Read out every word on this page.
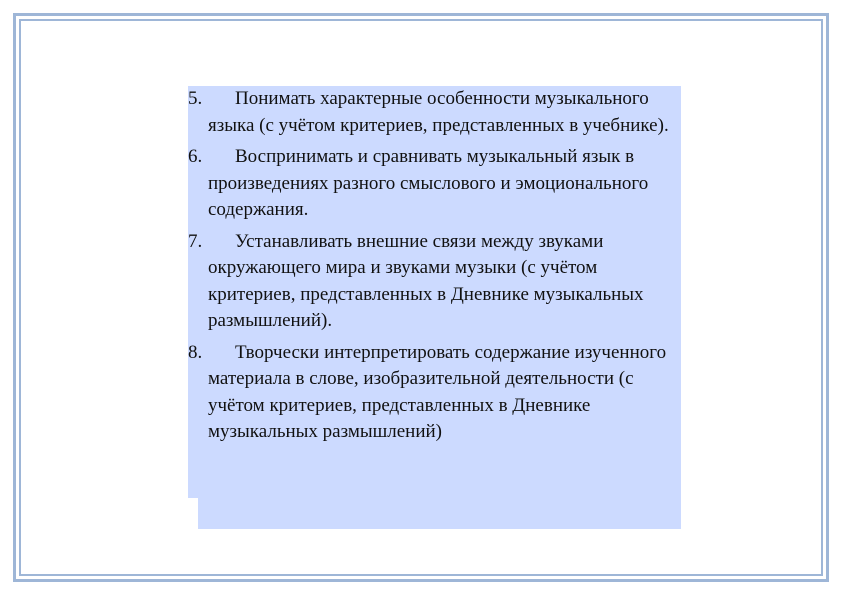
5.	Понимать характерные особенности музыкального языка (с учётом критериев, представленных в учебнике).
6.	Воспринимать и сравнивать музыкальный язык в произведениях разного смыслового и эмоционального содержания.
7.	Устанавливать внешние связи между звуками окружающего мира и звуками музыки (с учётом критериев, представленных в Дневнике музыкальных размышлений).
8.	Творчески интерпретировать содержание изученного материала в слове, изобразительной деятельности (с учётом критериев, представленных в Дневнике музыкальных размышлений)
